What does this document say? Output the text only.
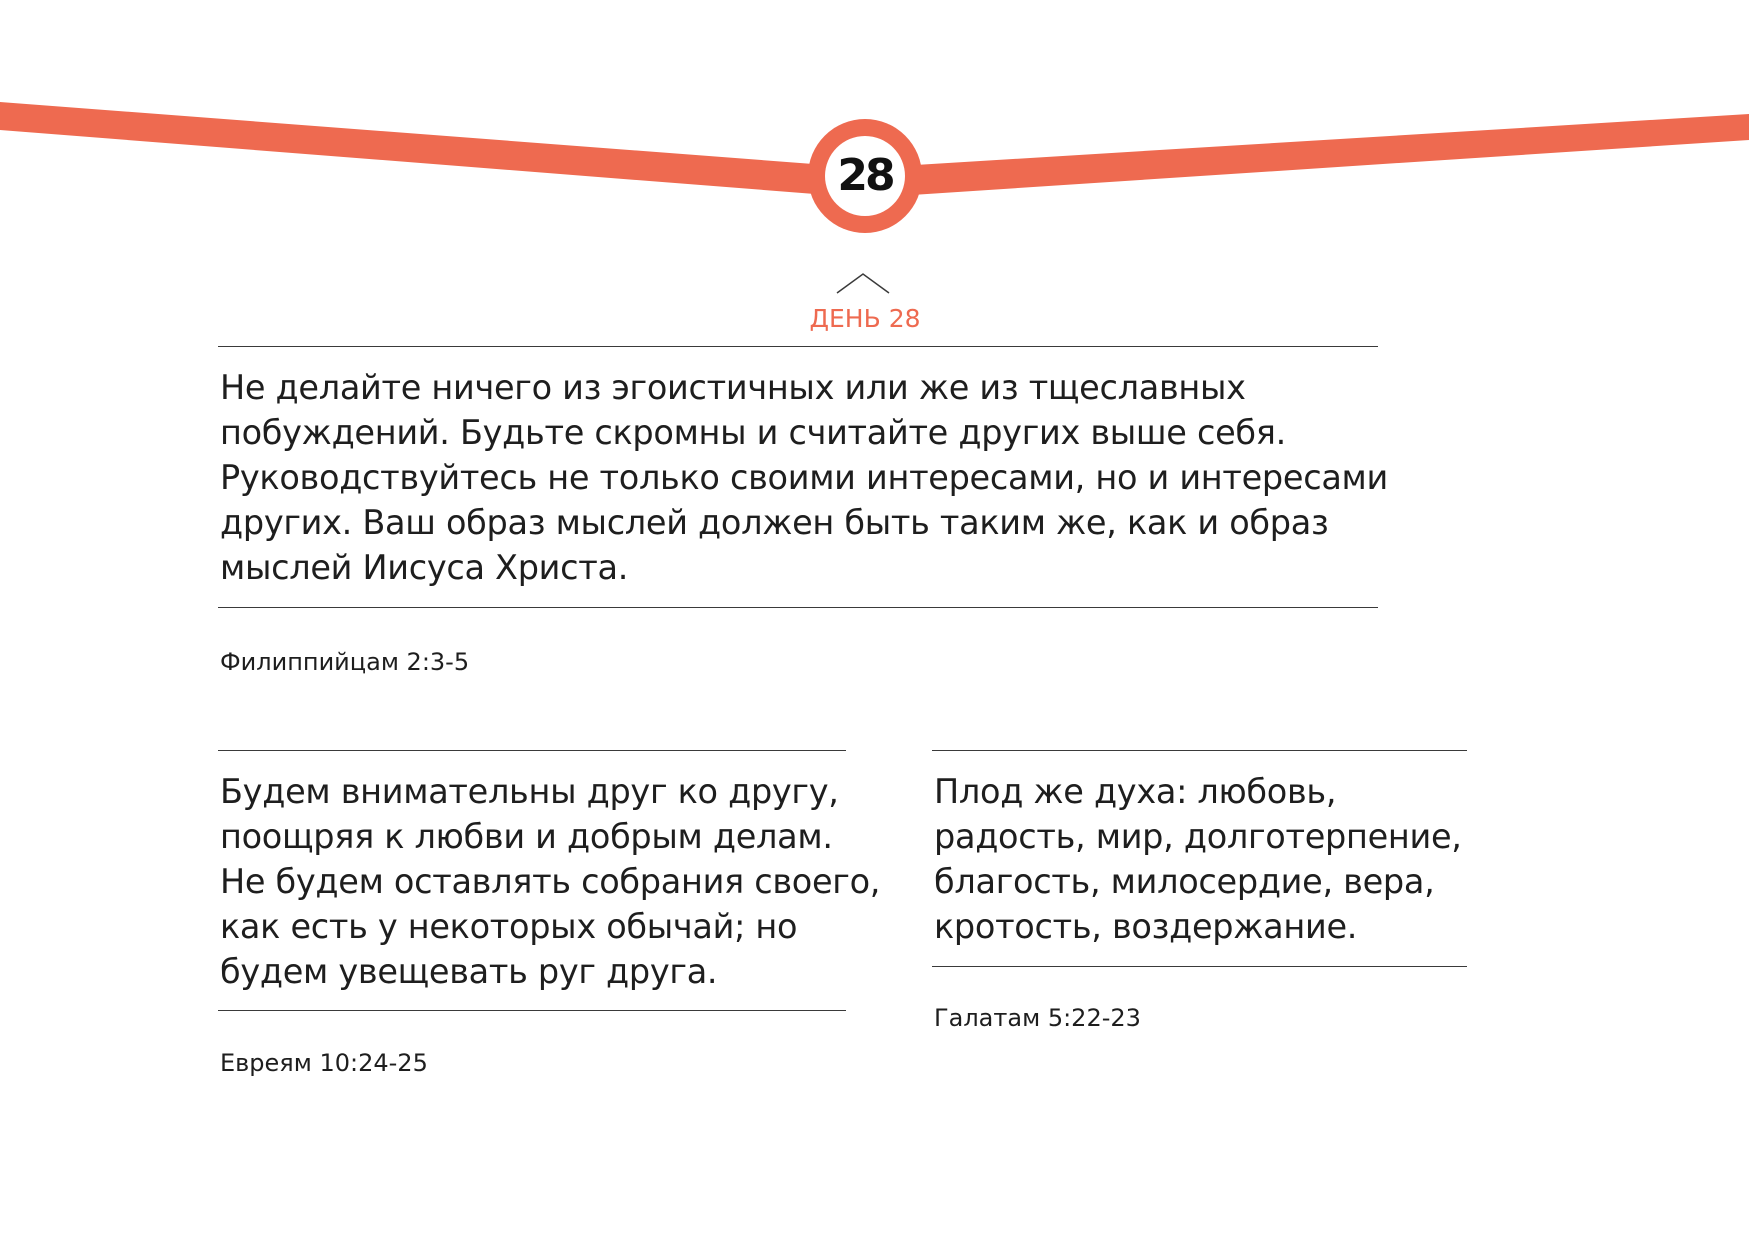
28
ДЕНЬ 28
Не делайте ничего из эгоистичных или же из тщеславных
побуждений. Будьте скромны и считайте других выше себя.
Руководствуйтесь не только своими интересами, но и интересами
других. Ваш образ мыслей должен быть таким же, как и образ
мыслей Иисуса Христа.
Филиппийцам 2:3-5
Будем внимательны друг ко другу,
поощряя к любви и добрым делам.
Не будем оставлять собрания своего,
как есть у некоторых обычай; но
будем увещевать руг друга.
Евреям 10:24-25
Плод же духа: любовь,
радость, мир, долготерпение,
благость, милосердие, вера,
кротость, воздержание.
Галатам 5:22-23
